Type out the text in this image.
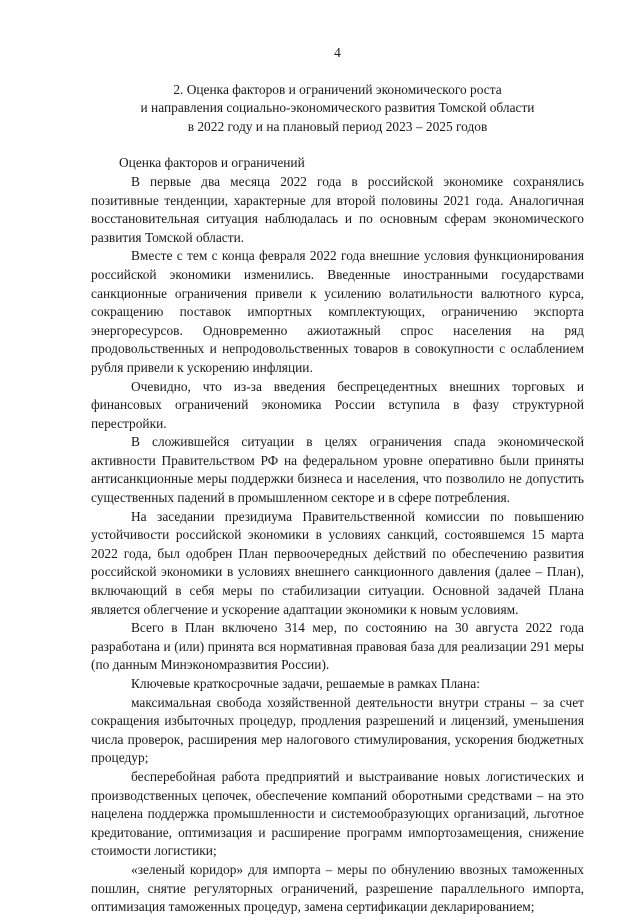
4
2. Оценка факторов и ограничений экономического роста
и направления социально-экономического развития Томской области
в 2022 году и на плановый период 2023 – 2025 годов
Оценка факторов и ограничений

В первые два месяца 2022 года в российской экономике сохранялись позитивные тенденции, характерные для второй половины 2021 года. Аналогичная восстановительная ситуация наблюдалась и по основным сферам экономического развития Томской области.

Вместе с тем с конца февраля 2022 года внешние условия функционирования российской экономики изменились. Введенные иностранными государствами санкционные ограничения привели к усилению волатильности валютного курса, сокращению поставок импортных комплектующих, ограничению экспорта энергоресурсов. Одновременно ажиотажный спрос населения на ряд продовольственных и непродовольственных товаров в совокупности с ослаблением рубля привели к ускорению инфляции.

Очевидно, что из-за введения беспрецедентных внешних торговых и финансовых ограничений экономика России вступила в фазу структурной перестройки.

В сложившейся ситуации в целях ограничения спада экономической активности Правительством РФ на федеральном уровне оперативно были приняты антисанкционные меры поддержки бизнеса и населения, что позволило не допустить существенных падений в промышленном секторе и в сфере потребления.

На заседании президиума Правительственной комиссии по повышению устойчивости российской экономики в условиях санкций, состоявшемся 15 марта 2022 года, был одобрен План первоочередных действий по обеспечению развития российской экономики в условиях внешнего санкционного давления (далее – План), включающий в себя меры по стабилизации ситуации. Основной задачей Плана является облегчение и ускорение адаптации экономики к новым условиям.

Всего в План включено 314 мер, по состоянию на 30 августа 2022 года разработана и (или) принята вся нормативная правовая база для реализации 291 меры (по данным Минэкономразвития России).

Ключевые краткосрочные задачи, решаемые в рамках Плана:

максимальная свобода хозяйственной деятельности внутри страны – за счет сокращения избыточных процедур, продления разрешений и лицензий, уменьшения числа проверок, расширения мер налогового стимулирования, ускорения бюджетных процедур;

бесперебойная работа предприятий и выстраивание новых логистических и производственных цепочек, обеспечение компаний оборотными средствами – на это нацелена поддержка промышленности и системообразующих организаций, льготное кредитование, оптимизация и расширение программ импортозамещения, снижение стоимости логистики;

«зеленый коридор» для импорта – меры по обнулению ввозных таможенных пошлин, снятие регуляторных ограничений, разрешение параллельного импорта, оптимизация таможенных процедур, замена сертификации декларированием;
